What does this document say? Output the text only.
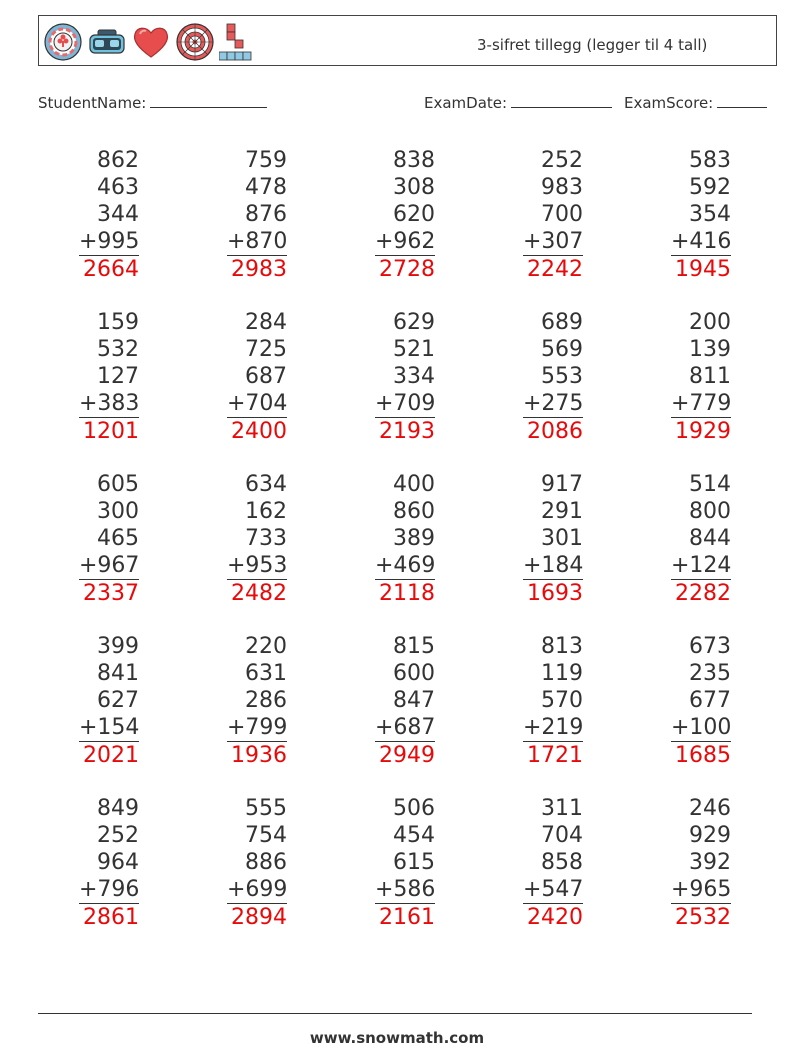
3-sifret tillegg (legger til 4 tall)
StudentName:	ExamDate:	ExamScore:
862
463
344
+995
2664
759
478
876
+870
2983
838
308
620
+962
2728
252
983
700
+307
2242
583
592
354
+416
1945
159
532
127
+383
1201
284
725
687
+704
2400
629
521
334
+709
2193
689
569
553
+275
2086
200
139
811
+779
1929
605
300
465
+967
2337
634
162
733
+953
2482
400
860
389
+469
2118
917
291
301
+184
1693
514
800
844
+124
2282
399
841
627
+154
2021
220
631
286
+799
1936
815
600
847
+687
2949
813
119
570
+219
1721
673
235
677
+100
1685
849
252
964
+796
2861
555
754
886
+699
2894
506
454
615
+586
2161
311
704
858
+547
2420
246
929
392
+965
2532
www.snowmath.com
